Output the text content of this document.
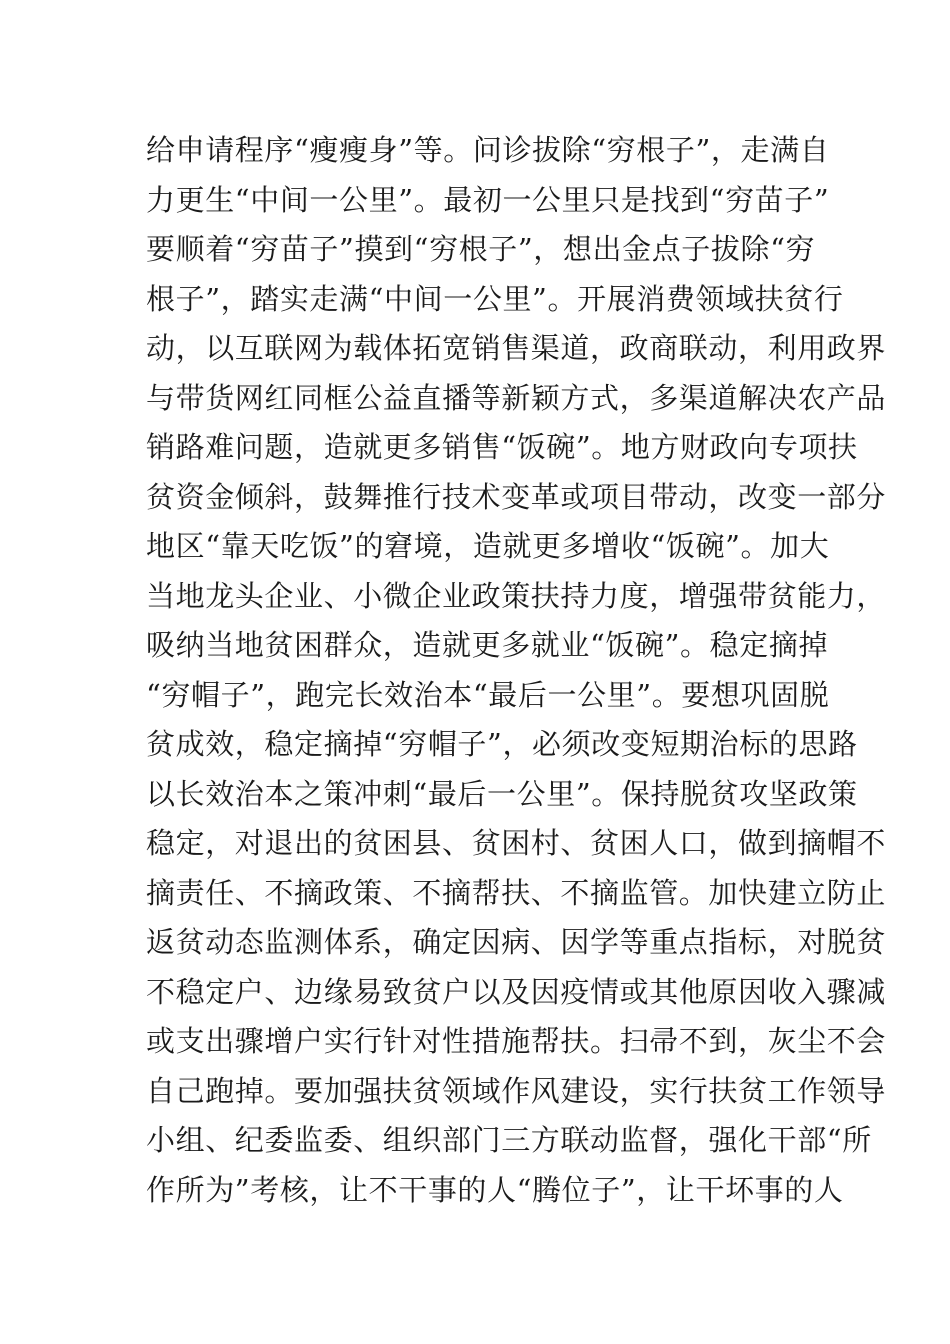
给申请程序“瘦瘦身”等。问诊拔除“穷根子”，走满自
力更生“中间一公里”。最初一公里只是找到“穷苗子”
要顺着“穷苗子”摸到“穷根子”，想出金点子拔除“穷
根子”，踏实走满“中间一公里”。开展消费领域扶贫行
动，以互联网为载体拓宽销售渠道，政商联动，利用政界
与带货网红同框公益直播等新颖方式，多渠道解决农产品
销路难问题，造就更多销售“饭碗”。地方财政向专项扶
贫资金倾斜，鼓舞推行技术变革或项目带动，改变一部分
地区“靠天吃饭”的窘境，造就更多增收“饭碗”。加大
当地龙头企业、小微企业政策扶持力度，增强带贫能力，
吸纳当地贫困群众，造就更多就业“饭碗”。稳定摘掉
“穷帽子”，跑完长效治本“最后一公里”。要想巩固脱
贫成效，稳定摘掉“穷帽子”，必须改变短期治标的思路
以长效治本之策冲刺“最后一公里”。保持脱贫攻坚政策
稳定，对退出的贫困县、贫困村、贫困人口，做到摘帽不
摘责任、不摘政策、不摘帮扶、不摘监管。加快建立防止
返贫动态监测体系，确定因病、因学等重点指标，对脱贫
不稳定户、边缘易致贫户以及因疫情或其他原因收入骤减
或支出骤增户实行针对性措施帮扶。扫帚不到，灰尘不会
自己跑掉。要加强扶贫领域作风建设，实行扶贫工作领导
小组、纪委监委、组织部门三方联动监督，强化干部“所
作所为”考核，让不干事的人“腾位子”，让干坏事的人
